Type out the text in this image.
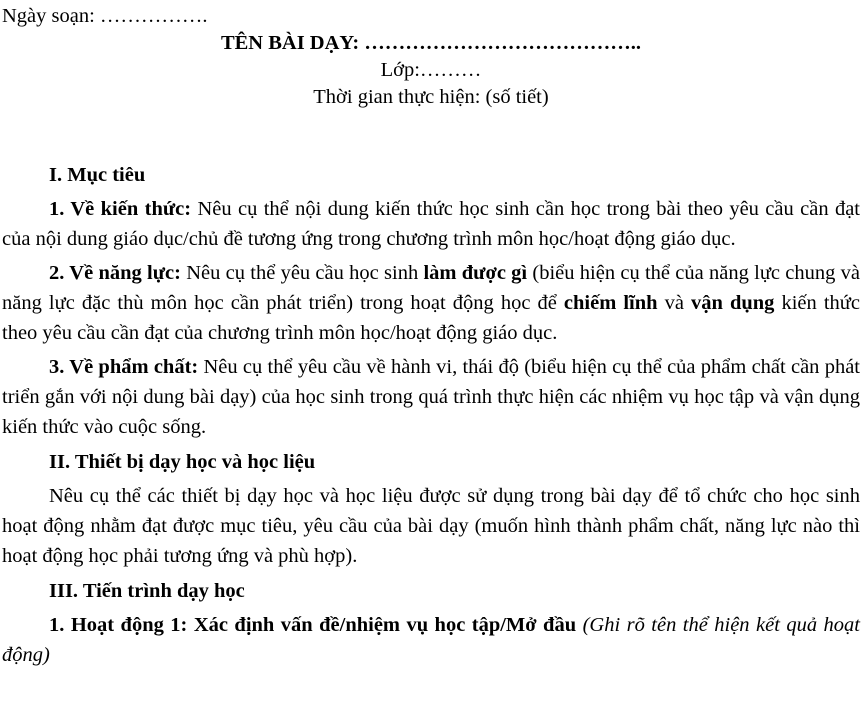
Ngày soạn: …………….

TÊN BÀI DẠY: …………………………………..

Lớp:………

Thời gian thực hiện: (số tiết)

I. Mục tiêu

1. Về kiến thức: Nêu cụ thể nội dung kiến thức học sinh cần học trong bài theo yêu cầu cần đạt của nội dung giáo dục/chủ đề tương ứng trong chương trình môn học/hoạt động giáo dục.

2. Về năng lực: Nêu cụ thể yêu cầu học sinh làm được gì (biểu hiện cụ thể của năng lực chung và năng lực đặc thù môn học cần phát triển) trong hoạt động học để chiếm lĩnh và vận dụng kiến thức theo yêu cầu cần đạt của chương trình môn học/hoạt động giáo dục.

3. Về phẩm chất: Nêu cụ thể yêu cầu về hành vi, thái độ (biểu hiện cụ thể của phẩm chất cần phát triển gắn với nội dung bài dạy) của học sinh trong quá trình thực hiện các nhiệm vụ học tập và vận dụng kiến thức vào cuộc sống.

II. Thiết bị dạy học và học liệu

Nêu cụ thể các thiết bị dạy học và học liệu được sử dụng trong bài dạy để tổ chức cho học sinh hoạt động nhằm đạt được mục tiêu, yêu cầu của bài dạy (muốn hình thành phẩm chất, năng lực nào thì hoạt động học phải tương ứng và phù hợp).

III. Tiến trình dạy học

1. Hoạt động 1: Xác định vấn đề/nhiệm vụ học tập/Mở đầu (Ghi rõ tên thể hiện kết quả hoạt động)
